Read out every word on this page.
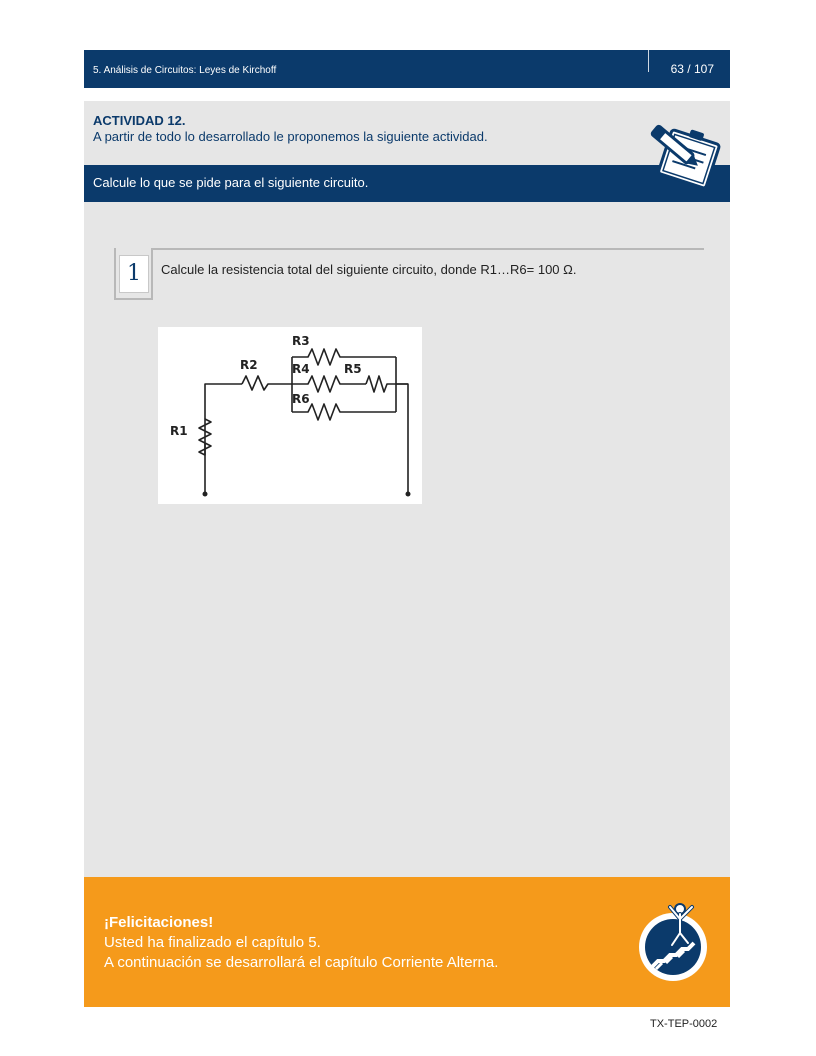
5. Análisis de Circuitos: Leyes de Kirchoff	63 / 107
ACTIVIDAD 12.
A partir de todo lo desarrollado le proponemos la siguiente actividad.
Calcule lo que se pide para el siguiente circuito.
1	Calcule la resistencia total del siguiente circuito, donde R1…R6= 100 Ω.
R1
R2
R3
R4	R5
R6
¡Felicitaciones!
Usted ha finalizado el capítulo 5.
A continuación se desarrollará el capítulo Corriente Alterna.
TX-TEP-0002
